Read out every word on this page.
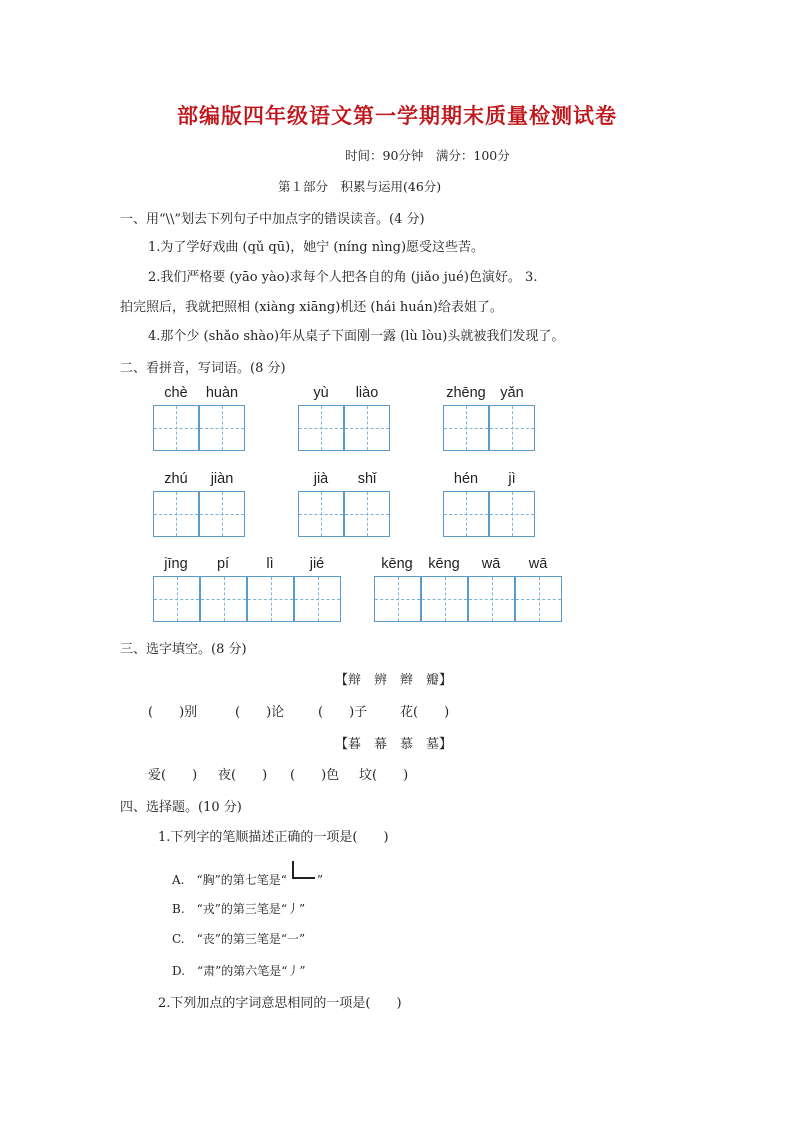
部编版四年级语文第一学期期末质量检测试卷
时间：90分钟　满分：100分
第１部分　积累与运用(46分)
一、用“\\”划去下列句子中加点字的错误读音。(4 分)
1.为了学好戏曲 (qǔ qū)，她宁 (níng nìng)愿受这些苦。
2.我们严格要 (yāo yào)求每个人把各自的角 (jiǎo jué)色演好。 3.
拍完照后，我就把照相 (xiàng xiāng)机还 (hái huán)给表姐了。
4.那个少 (shǎo shào)年从桌子下面刚一露 (lù lòu)头就被我们发现了。
二、看拼音，写词语。(8 分)
chè	huàn	yù	liào	zhēng	yǎn
zhú	jiàn	jià	shǐ	hén	jì
jīng	pí	lì	jié	kēng	kēng	wā	wā
三、选字填空。(8 分)
【辩　辨　辫　瓣】
(　　)别	(　　)论	(　　)子	花(　　)
【暮　幕　慕　墓】
爱(　　) 夜(　　) (　　)色 坟(　　)
四、选择题。(10 分)
1.下列字的笔顺描述正确的一项是(　　)
A.　“胸”的第七笔是“	”
B.　“戎”的第三笔是“丿”
C.　“丧”的第三笔是“一”
D.　“肃”的第六笔是“丿”
2.下列加点的字词意思相同的一项是(　　)
